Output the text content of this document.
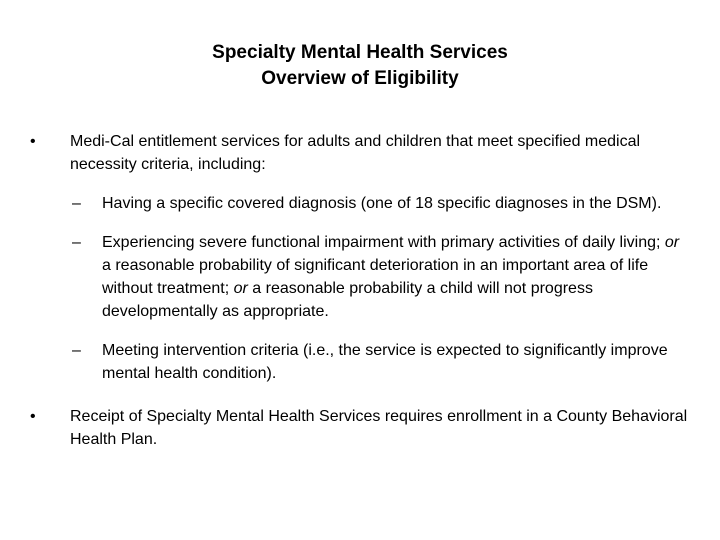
Specialty Mental Health Services
Overview of Eligibility
•	Medi-Cal entitlement services for adults and children that meet specified medical necessity criteria, including:
–	Having a specific covered diagnosis (one of 18 specific diagnoses in the DSM).
–	Experiencing severe functional impairment with primary activities of daily living; or a reasonable probability of significant deterioration in an important area of life without treatment; or a reasonable probability a child will not progress developmentally as appropriate.
–	Meeting intervention criteria (i.e., the service is expected to significantly improve mental health condition).
•	Receipt of Specialty Mental Health Services requires enrollment in a County Behavioral Health Plan.
